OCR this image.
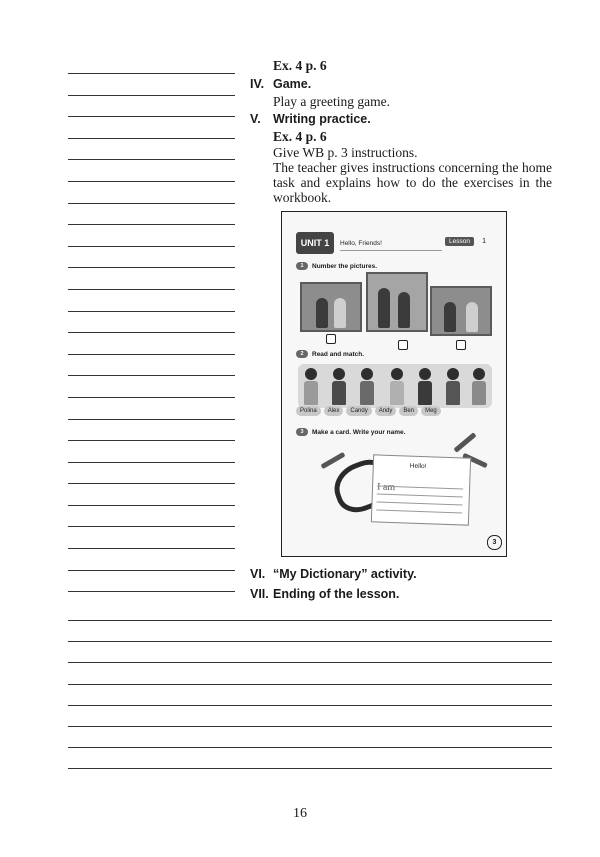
Ex. 4 p. 6
IV. Game.
Play a greeting game.
V. Writing practice.
Ex. 4 p. 6
Give WB p. 3 instructions.
The teacher gives instructions concerning the home task and explains how to do the exercises in the workbook.
UNIT 1	Hello, Friends!	Lesson	1
1	Number the pictures.
2	Read and match.
Polina	Alex	Candy	Andy	Ben	Meg
3	Make a card. Write your name.
Hello!
I am
3
VI. “My Dictionary” activity.
VII. Ending of the lesson.
16
